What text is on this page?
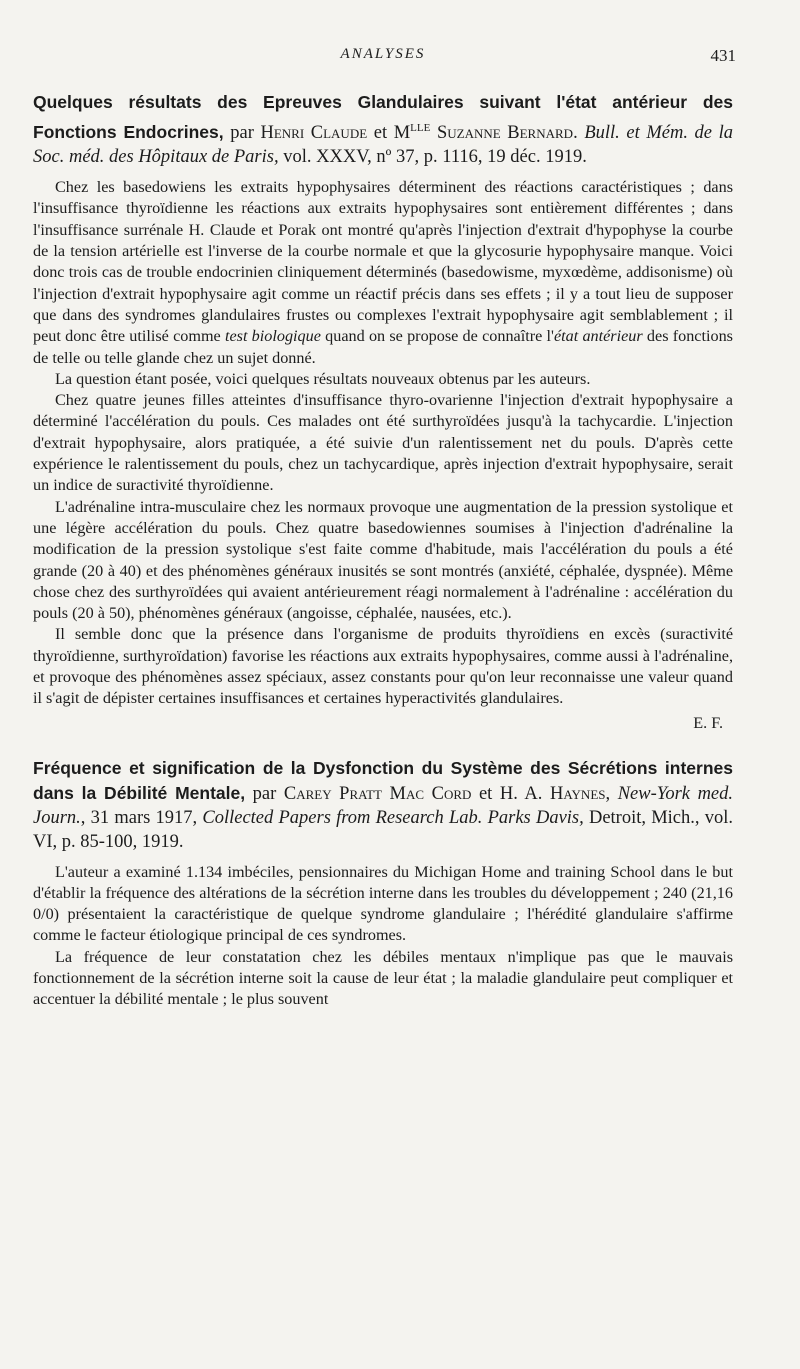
ANALYSES	431

Quelques résultats des Epreuves Glandulaires suivant l'état antérieur des Fonctions Endocrines, par Henri Claude et $M^{lle}$ Suzanne Bernard. Bull. et Mém. de la Soc. méd. des Hôpitaux de Paris, vol. XXXV, nº 37, p. 1116, 19 déc. 1919.

Chez les basedowiens les extraits hypophysaires déterminent des réactions caractéristiques ; dans l'insuffisance thyroïdienne les réactions aux extraits hypophysaires sont entièrement différentes ; dans l'insuffisance surrénale H. Claude et Porak ont montré qu'après l'injection d'extrait d'hypophyse la courbe de la tension artérielle est l'inverse de la courbe normale et que la glycosurie hypophysaire manque. Voici donc trois cas de trouble endocrinien cliniquement déterminés (basedowisme, myxœdème, addisonisme) où l'injection d'extrait hypophysaire agit comme un réactif précis dans ses effets ; il y a tout lieu de supposer que dans des syndromes glandulaires frustes ou complexes l'extrait hypophysaire agit semblablement ; il peut donc être utilisé comme test biologique quand on se propose de connaître l'état antérieur des fonctions de telle ou telle glande chez un sujet donné.

La question étant posée, voici quelques résultats nouveaux obtenus par les auteurs.

Chez quatre jeunes filles atteintes d'insuffisance thyro-ovarienne l'injection d'extrait hypophysaire a déterminé l'accélération du pouls. Ces malades ont été surthyroïdées jusqu'à la tachycardie. L'injection d'extrait hypophysaire, alors pratiquée, a été suivie d'un ralentissement net du pouls. D'après cette expérience le ralentissement du pouls, chez un tachycardique, après injection d'extrait hypophysaire, serait un indice de suractivité thyroïdienne.

L'adrénaline intra-musculaire chez les normaux provoque une augmentation de la pression systolique et une légère accélération du pouls. Chez quatre basedowiennes soumises à l'injection d'adrénaline la modification de la pression systolique s'est faite comme d'habitude, mais l'accélération du pouls a été grande (20 à 40) et des phénomènes généraux inusités se sont montrés (anxiété, céphalée, dyspnée). Même chose chez des surthyroïdées qui avaient antérieurement réagi normalement à l'adrénaline : accélération du pouls (20 à 50), phénomènes généraux (angoisse, céphalée, nausées, etc.).

Il semble donc que la présence dans l'organisme de produits thyroïdiens en excès (suractivité thyroïdienne, surthyroïdation) favorise les réactions aux extraits hypophysaires, comme aussi à l'adrénaline, et provoque des phénomènes assez spéciaux, assez constants pour qu'on leur reconnaisse une valeur quand il s'agit de dépister certaines insuffisances et certaines hyperactivités glandulaires.

E. F.

Fréquence et signification de la Dysfonction du Système des Sécrétions internes dans la Débilité Mentale, par Carey Pratt Mac Cord et H. A. Haynes, New-York med. Journ., 31 mars 1917, Collected Papers from Research Lab. Parks Davis, Detroit, Mich., vol. VI, p. 85-100, 1919.

L'auteur a examiné 1.134 imbéciles, pensionnaires du Michigan Home and training School dans le but d'établir la fréquence des altérations de la sécrétion interne dans les troubles du développement ; 240 (21,16 0/0) présentaient la caractéristique de quelque syndrome glandulaire ; l'hérédité glandulaire s'affirme comme le facteur étiologique principal de ces syndromes.

La fréquence de leur constatation chez les débiles mentaux n'implique pas que le mauvais fonctionnement de la sécrétion interne soit la cause de leur état ; la maladie glandulaire peut compliquer et accentuer la débilité mentale ; le plus souvent
